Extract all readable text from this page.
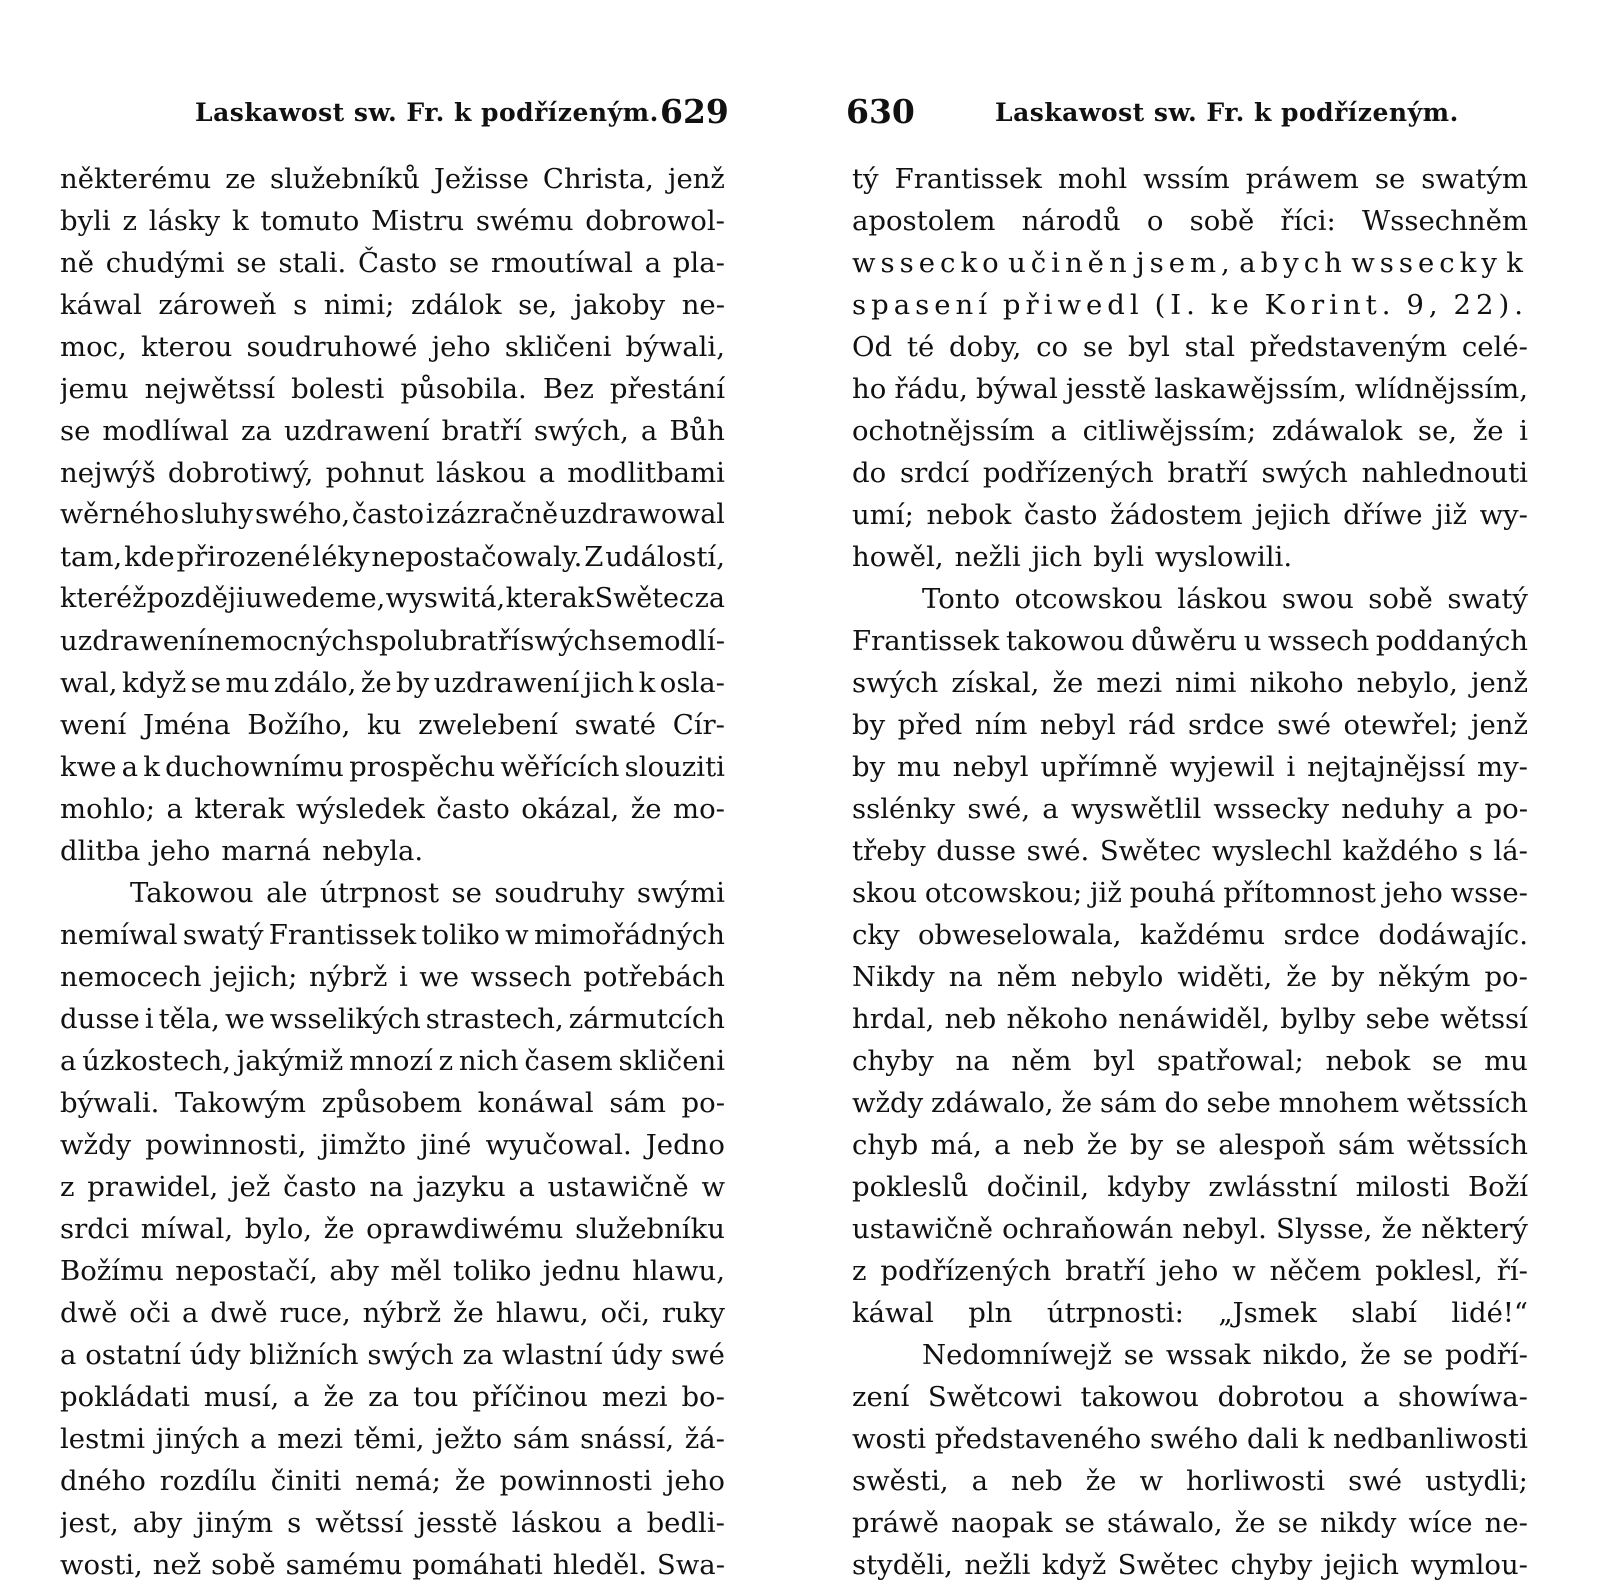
Laskawost sw. Fr. k podřízeným. 629
některému ze služebníků Ježisse Christa, jenž
byli z lásky k tomuto Mistru swému dobrowol-
ně chudými se stali. Často se rmoutíwal a pla-
káwal zároweň s nimi; zdálok se, jakoby ne-
moc, kterou soudruhowé jeho skličeni býwali,
jemu nejwětssí bolesti působila. Bez přestání
se modlíwal za uzdrawení bratří swých, a Bůh
nejwýš dobrotiwý, pohnut láskou a modlitbami
wěrného sluhy swého, často i zázračně uzdrawowal
tam, kde přirozené léky nepostačowaly. Z událostí,
kteréž později uwedeme, wyswitá, kterak Swětec za
uzdrawení nemocných spolubratří swých se modlí-
wal, když se mu zdálo, že by uzdrawení jich k osla-
wení Jména Božího, ku zwelebení swaté Cír-
kwe a k duchownímu prospěchu wěřících slouziti
mohlo; a kterak wýsledek často okázal, že mo-
dlitba jeho marná nebyla.
Takowou ale útrpnost se soudruhy swými
nemíwal swatý Frantissek toliko w mimořádných
nemocech jejich; nýbrž i we wssech potřebách
dusse i těla, we wsselikých strastech, zármutcích
a úzkostech, jakýmiž mnozí z nich časem skličeni
býwali. Takowým způsobem konáwal sám po-
wždy powinnosti, jimžto jiné wyučowal. Jedno
z prawidel, jež často na jazyku a ustawičně w
srdci míwal, bylo, že oprawdiwému služebníku
Božímu nepostačí, aby měl toliko jednu hlawu,
dwě oči a dwě ruce, nýbrž že hlawu, oči, ruky
a ostatní údy bližních swých za wlastní údy swé
pokládati musí, a že za tou příčinou mezi bo-
lestmi jiných a mezi těmi, ježto sám snássí, žá-
dného rozdílu činiti nemá; že powinnosti jeho
jest, aby jiným s wětssí jesstě láskou a bedli-
wosti, než sobě samému pomáhati hleděl. Swa-
630	Laskawost sw. Fr. k podřízeným.
tý Frantissek mohl wssím práwem se swatým
apostolem národů o sobě říci: Wssechněm
wssecko učiněn jsem, abych wssecky k
spasení přiwedl (I. ke Korint. 9, 22).
Od té doby, co se byl stal představeným celé-
ho řádu, býwal jesstě laskawějssím, wlídnějssím,
ochotnějssím a citliwějssím; zdáwalok se, že i
do srdcí podřízených bratří swých nahlednouti
umí; nebok často žádostem jejich dříwe již wy-
howěl, nežli jich byli wyslowili.
Tonto otcowskou láskou swou sobě swatý
Frantissek takowou důwěru u wssech poddaných
swých získal, že mezi nimi nikoho nebylo, jenž
by před ním nebyl rád srdce swé otewřel; jenž
by mu nebyl upřímně wyjewil i nejtajnějssí my-
sslénky swé, a wyswětlil wssecky neduhy a po-
třeby dusse swé. Swětec wyslechl každého s lá-
skou otcowskou; již pouhá přítomnost jeho wsse-
cky obweselowala, každému srdce dodáwajíc.
Nikdy na něm nebylo widěti, že by někým po-
hrdal, neb někoho nenáwiděl, bylby sebe wětssí
chyby na něm byl spatřowal; nebok se mu
wždy zdáwalo, že sám do sebe mnohem wětssích
chyb má, a neb že by se alespoň sám wětssích
pokleslů dočinil, kdyby zwlásstní milosti Boží
ustawičně ochraňowán nebyl. Slysse, že některý
z podřízených bratří jeho w něčem poklesl, ří-
káwal pln útrpnosti: „Jsmek slabí lidé!“
Nedomníwejž se wssak nikdo, že se podří-
zení Swětcowi takowou dobrotou a showíwa-
wosti představeného swého dali k nedbanliwosti
swěsti, a neb že w horliwosti swé ustydli;
práwě naopak se stáwalo, že se nikdy wíce ne-
styděli, nežli když Swětec chyby jejich wymlou-
